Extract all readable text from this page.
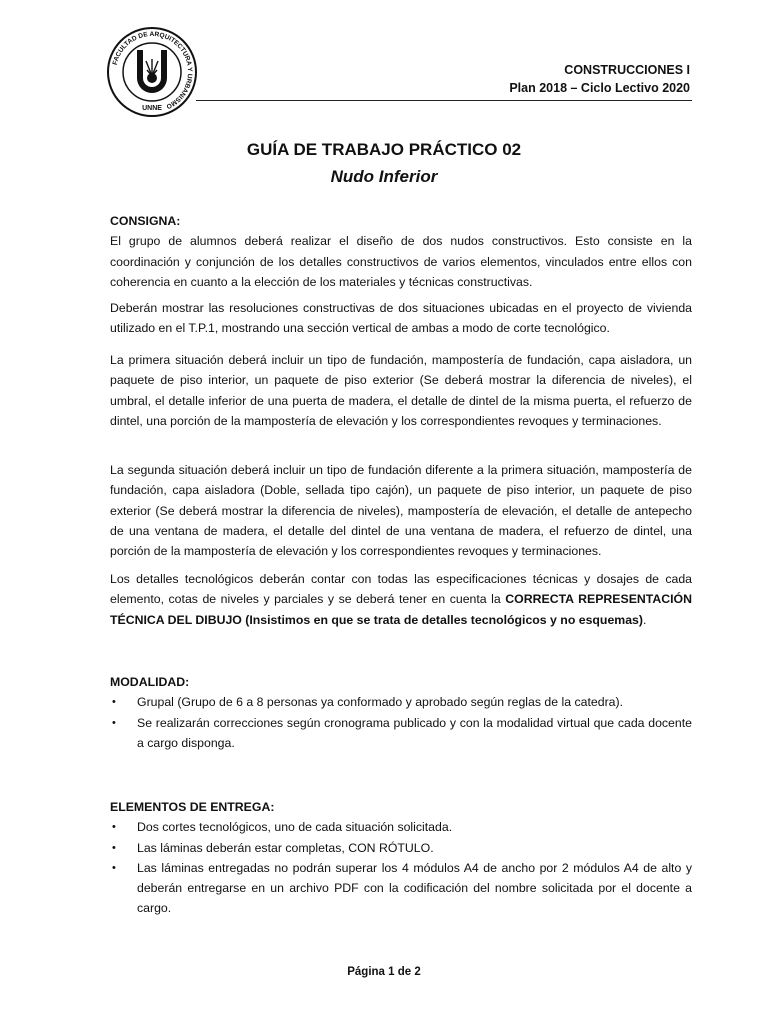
FACULTAD DE ARQUITECTURA Y URBANISMO
UNNE
CONSTRUCCIONES I
Plan 2018 – Ciclo Lectivo 2020
GUÍA DE TRABAJO PRÁCTICO 02
Nudo Inferior

CONSIGNA:

El grupo de alumnos deberá realizar el diseño de dos nudos constructivos. Esto consiste en la coordinación y conjunción de los detalles constructivos de varios elementos, vinculados entre ellos con coherencia en cuanto a la elección de los materiales y técnicas constructivas.

Deberán mostrar las resoluciones constructivas de dos situaciones ubicadas en el proyecto de vivienda utilizado en el T.P.1, mostrando una sección vertical de ambas a modo de corte tecnológico.

La primera situación deberá incluir un tipo de fundación, mampostería de fundación, capa aisladora, un paquete de piso interior, un paquete de piso exterior (Se deberá mostrar la diferencia de niveles), el umbral, el detalle inferior de una puerta de madera, el detalle de dintel de la misma puerta, el refuerzo de dintel, una porción de la mampostería de elevación y los correspondientes revoques y terminaciones.

La segunda situación deberá incluir un tipo de fundación diferente a la primera situación, mampostería de fundación, capa aisladora (Doble, sellada tipo cajón), un paquete de piso interior, un paquete de piso exterior (Se deberá mostrar la diferencia de niveles), mampostería de elevación, el detalle de antepecho de una ventana de madera, el detalle del dintel de una ventana de madera, el refuerzo de dintel, una porción de la mampostería de elevación y los correspondientes revoques y terminaciones.

Los detalles tecnológicos deberán contar con todas las especificaciones técnicas y dosajes de cada elemento, cotas de niveles y parciales y se deberá tener en cuenta la CORRECTA REPRESENTACIÓN TÉCNICA DEL DIBUJO (Insistimos en que se trata de detalles tecnológicos y no esquemas).

MODALIDAD:

• Grupal (Grupo de 6 a 8 personas ya conformado y aprobado según reglas de la catedra).
• Se realizarán correcciones según cronograma publicado y con la modalidad virtual que cada docente a cargo disponga.

ELEMENTOS DE ENTREGA:

• Dos cortes tecnológicos, uno de cada situación solicitada.
• Las láminas deberán estar completas, CON RÓTULO.
• Las láminas entregadas no podrán superar los 4 módulos A4 de ancho por 2 módulos A4 de alto y deberán entregarse en un archivo PDF con la codificación del nombre solicitada por el docente a cargo.
Página 1 de 2
